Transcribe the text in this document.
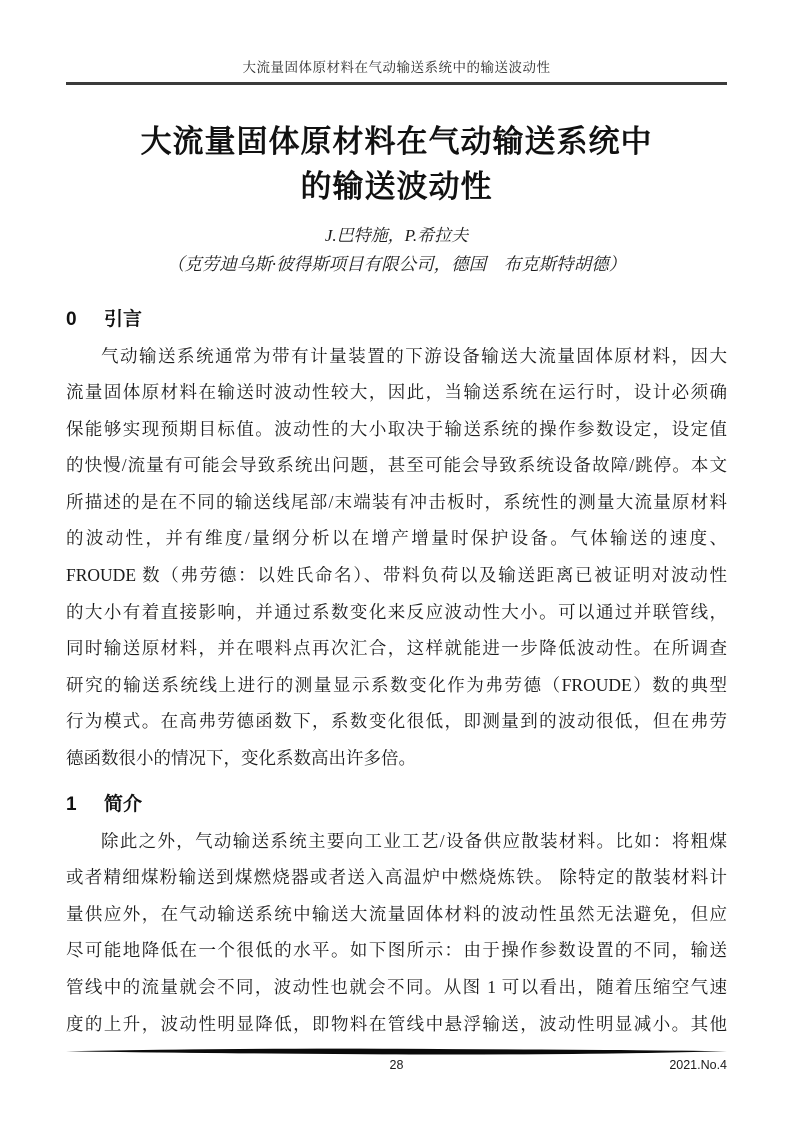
大流量固体原材料在气动输送系统中的输送波动性
大流量固体原材料在气动输送系统中
的输送波动性
J.巴特施，P.希拉夫
（克劳迪乌斯·彼得斯项目有限公司，德国　布克斯特胡德）
0	引言
气动输送系统通常为带有计量装置的下游设备输送大流量固体原材料，因大
流量固体原材料在输送时波动性较大，因此，当输送系统在运行时，设计必须确
保能够实现预期目标值。波动性的大小取决于输送系统的操作参数设定，设定值
的快慢/流量有可能会导致系统出问题，甚至可能会导致系统设备故障/跳停。本文
所描述的是在不同的输送线尾部/末端装有冲击板时，系统性的测量大流量原材料
的波动性，并有维度/量纲分析以在增产增量时保护设备。气体输送的速度、
FROUDE 数（弗劳德：以姓氏命名）、带料负荷以及输送距离已被证明对波动性
的大小有着直接影响，并通过系数变化来反应波动性大小。可以通过并联管线，
同时输送原材料，并在喂料点再次汇合，这样就能进一步降低波动性。在所调查
研究的输送系统线上进行的测量显示系数变化作为弗劳德（FROUDE）数的典型
行为模式。在高弗劳德函数下，系数变化很低，即测量到的波动很低，但在弗劳
德函数很小的情况下，变化系数高出许多倍。
1	简介
除此之外，气动输送系统主要向工业工艺/设备供应散装材料。比如：将粗煤
或者精细煤粉输送到煤燃烧器或者送入高温炉中燃烧炼铁。 除特定的散装材料计
量供应外，在气动输送系统中输送大流量固体材料的波动性虽然无法避免，但应
尽可能地降低在一个很低的水平。如下图所示：由于操作参数设置的不同，输送
管线中的流量就会不同，波动性也就会不同。从图 1 可以看出，随着压缩空气速
度的上升，波动性明显降低，即物料在管线中悬浮输送，波动性明显减小。其他
28	2021.No.4
